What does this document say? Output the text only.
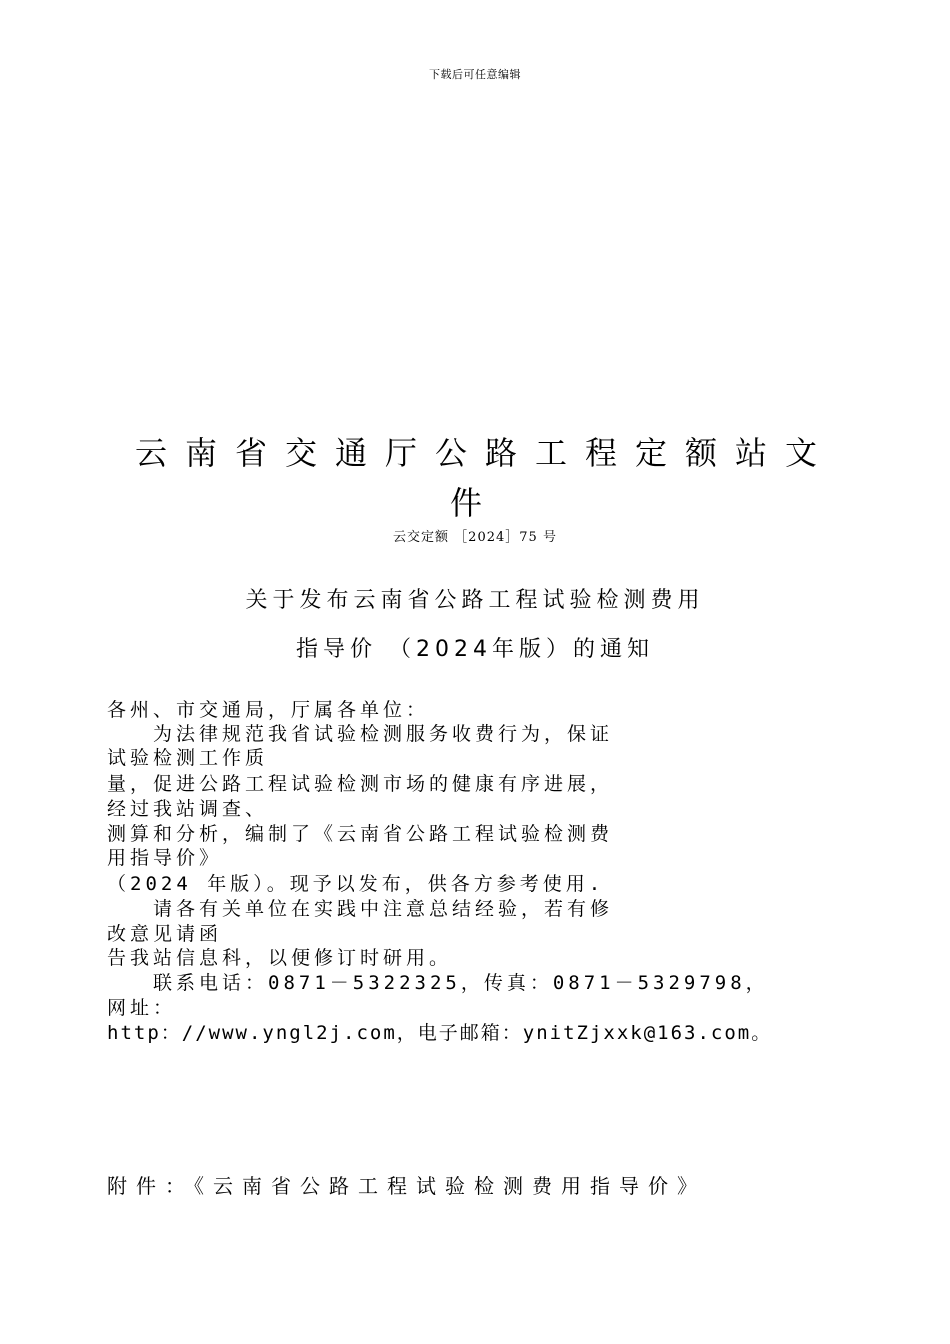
下载后可任意编辑
云南省交通厅公路工程定额站文
件
云交定额 ［2024］75 号
关于发布云南省公路工程试验检测费用
指导价 （2024年版）的通知
各州、市交通局，厅属各单位：
　　为法律规范我省试验检测服务收费行为，保证
试验检测工作质
量，促进公路工程试验检测市场的健康有序进展，
经过我站调查、
测算和分析，编制了《云南省公路工程试验检测费
用指导价》
（2024 年版）。现予以发布，供各方参考使用.
　　请各有关单位在实践中注意总结经验，若有修
改意见请函
告我站信息科，以便修订时研用。
　　联系电话：0871－5322325，传真：0871－5329798，
网址：
http：//www.yngl2j.com，电子邮箱：ynitZjxxk@163.com。
附件：《云南省公路工程试验检测费用指导价》
